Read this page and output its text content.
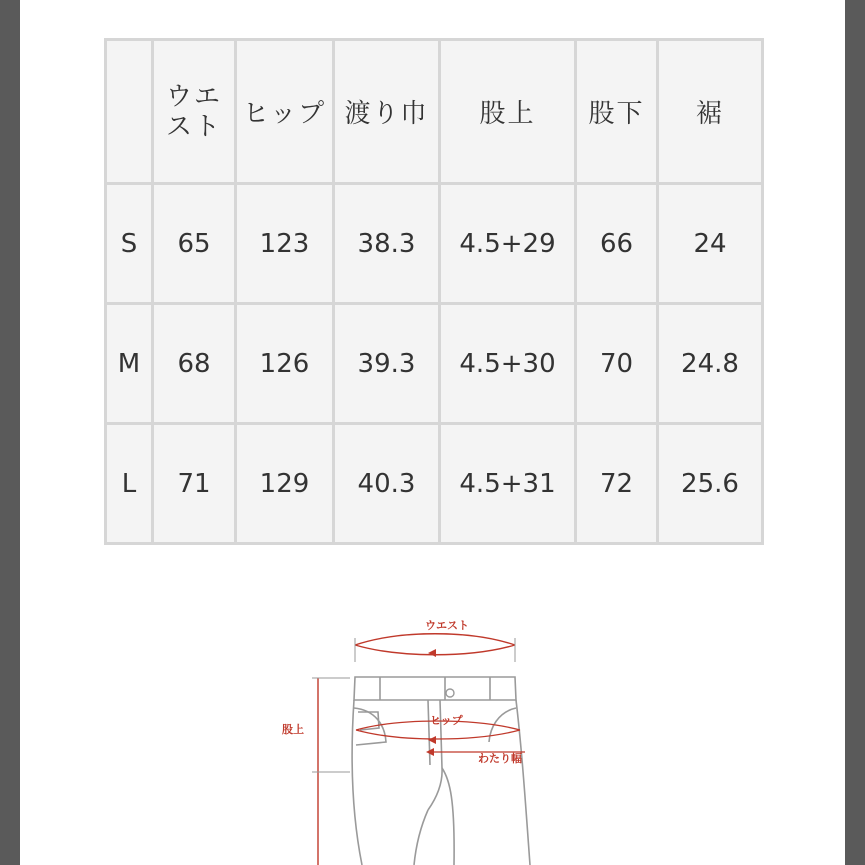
	ウエスト	ヒップ	渡り巾	股上	股下	裾
S	65	123	38.3	4.5+29	66	24
M	68	126	39.3	4.5+30	70	24.8
L	71	129	40.3	4.5+31	72	25.6
ウエスト
ヒップ
わたり幅
股上
